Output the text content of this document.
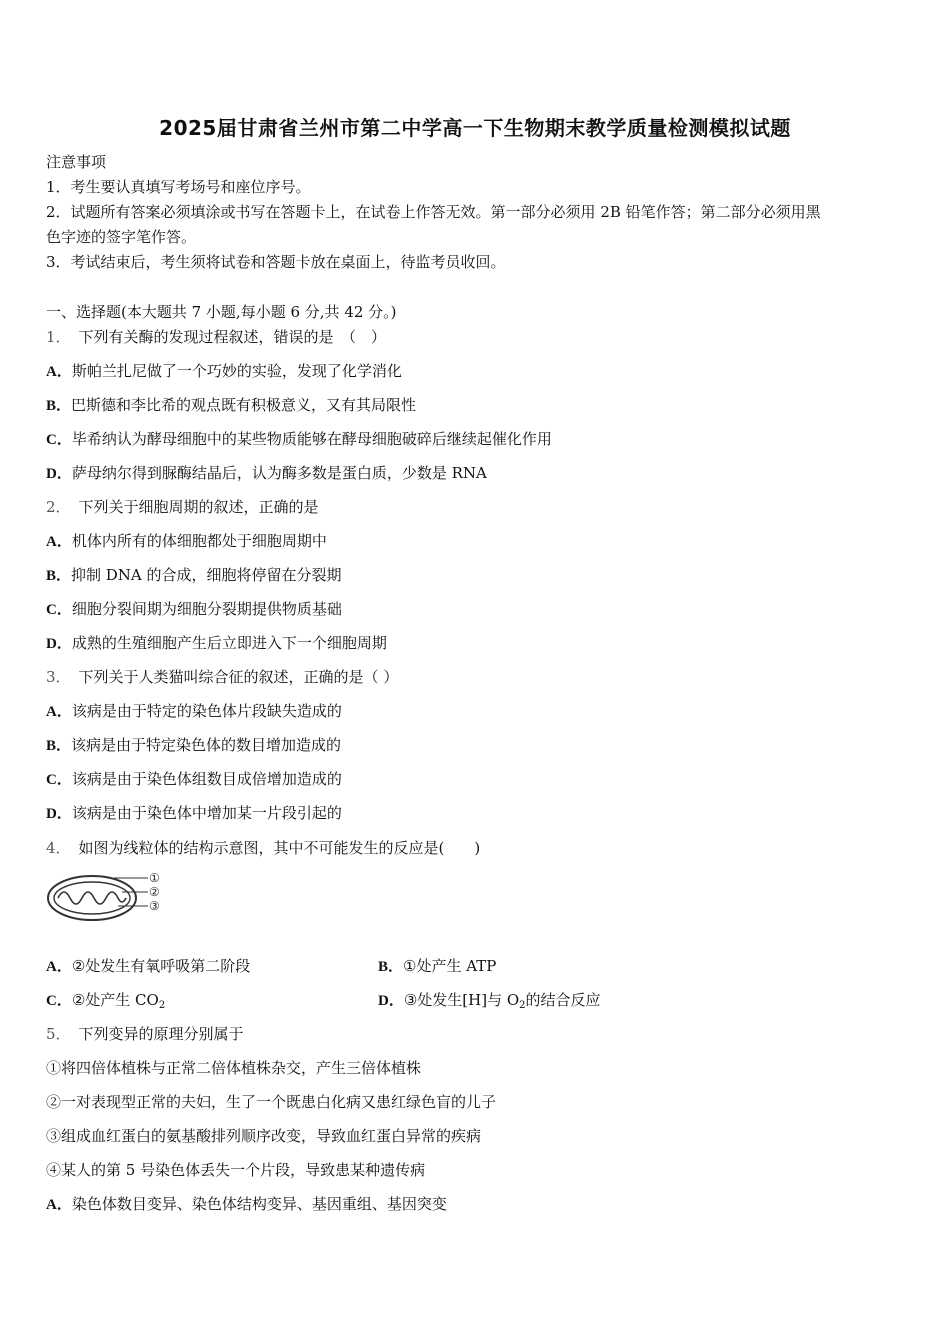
2025届甘肃省兰州市第二中学高一下生物期末教学质量检测模拟试题
注意事项
1．考生要认真填写考场号和座位序号。
2．试题所有答案必须填涂或书写在答题卡上，在试卷上作答无效。第一部分必须用 2B 铅笔作答；第二部分必须用黑
色字迹的签字笔作答。
3．考试结束后，考生须将试卷和答题卡放在桌面上，待监考员收回。
一、选择题(本大题共 7 小题,每小题 6 分,共 42 分。)
1． 下列有关酶的发现过程叙述，错误的是　（　）
A．斯帕兰扎尼做了一个巧妙的实验，发现了化学消化
B．巴斯德和李比希的观点既有积极意义，又有其局限性
C．毕希纳认为酵母细胞中的某些物质能够在酵母细胞破碎后继续起催化作用
D．萨母纳尔得到脲酶结晶后，认为酶多数是蛋白质，少数是 RNA
2． 下列关于细胞周期的叙述，正确的是
A．机体内所有的体细胞都处于细胞周期中
B．抑制 DNA 的合成，细胞将停留在分裂期
C．细胞分裂间期为细胞分裂期提供物质基础
D．成熟的生殖细胞产生后立即进入下一个细胞周期
3． 下列关于人类猫叫综合征的叙述，正确的是（ ）
A．该病是由于特定的染色体片段缺失造成的
B．该病是由于特定染色体的数目增加造成的
C．该病是由于染色体组数目成倍增加造成的
D．该病是由于染色体中增加某一片段引起的
4． 如图为线粒体的结构示意图，其中不可能发生的反应是(　　)
①
②
③
A．②处发生有氧呼吸第二阶段	B．①处产生 ATP
C．②处产生 $CO_2$	D．③处发生[H]与 $O_2$的结合反应
5． 下列变异的原理分别属于
①将四倍体植株与正常二倍体植株杂交，产生三倍体植株
②一对表现型正常的夫妇，生了一个既患白化病又患红绿色盲的儿子
③组成血红蛋白的氨基酸排列顺序改变，导致血红蛋白异常的疾病
④某人的第 5 号染色体丢失一个片段，导致患某种遗传病
A．染色体数目变异、染色体结构变异、基因重组、基因突变
